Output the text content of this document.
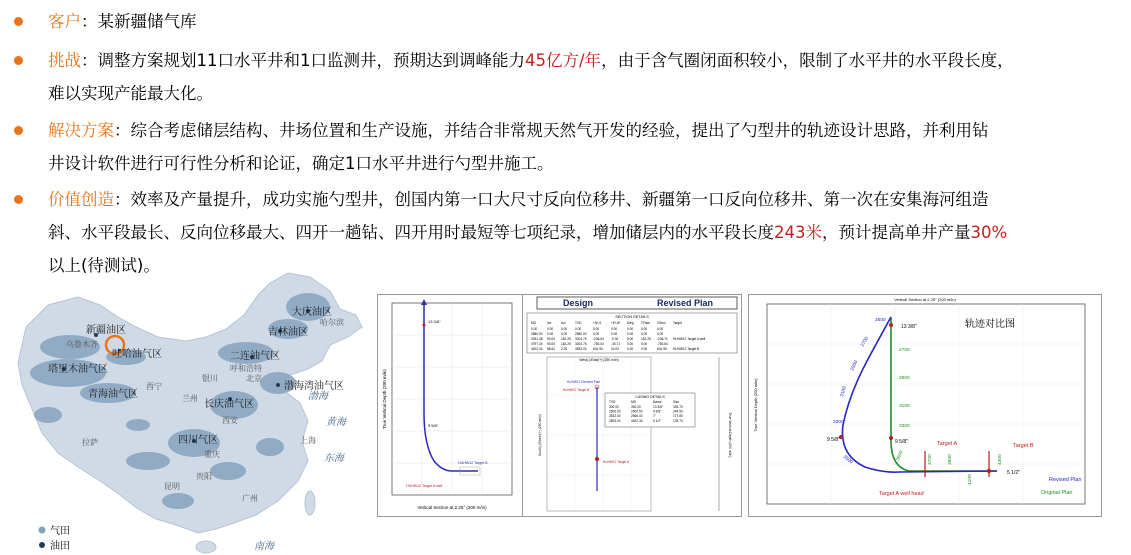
客户：某新疆储气库
挑战：调整方案规划11口水平井和1口监测井，预期达到调峰能力45亿方/年，由于含气圈闭面积较小，限制了水平井的水平段长度，
难以实现产能最大化。
解决方案：综合考虑储层结构、井场位置和生产设施，并结合非常规天然气开发的经验，提出了勺型井的轨迹设计思路，并利用钻
井设计软件进行可行性分析和论证，确定1口水平井进行勺型井施工。
价值创造：效率及产量提升，成功实施勺型井，创国内第一口大尺寸反向位移井、新疆第一口反向位移井、第一次在安集海河组造
斜、水平段最长、反向位移最大、四开一趟钻、四开用时最短等七项纪录，增加储层内的水平段长度243米，预计提高单井产量30%
以上(待测试)。
新疆油区
乌鲁木齐
吐哈油气区
塔里木油气区
青海油气区
二连油气区
呼和浩特
北京
大庆油区
吉林油区
哈尔滨
渤海湾油气区
长庆油气区
兰州
西安
四川气区
贵阳
昆明
广州
上海
拉萨
西宁
银川
重庆
渤海
黄海
东海
南海
气田
油田
13 3/8"
9 5/8"
HUHW12 Target B
HUHW12 Target A well
Vertical Section at 2.25° (200 m/in)
True Vertical Depth (200 m/in)
Design	Revised Plan
SECTION DETAILS
MD	Inc	Azi	TVD	+N/-S	+E/-W Dleg TFace VSect Target
0.00	0.00 0.00 0.00	0.00	0.00	0.00 0.00	0.00
2880.00 0.00 0.00 2880.00 0.00	0.00	0.00 0.00	0.00
3251.48 90.00 182.25 3204.76 -236.54 -9.30	5.00 182.25 -236.71 HUHW12 Target A well
3797.34 90.00 182.25 3204.76 -782.04 -30.71 0.00 0.00	-782.64
4402.34 88.62 2.25 3593.00 604.50	24.00	0.00 0.00	604.96 HUHW12 Target B
West(-)/East(+) (250 m/in)
South(-)/North(+) (250 m/in)
HUHW12 Revised Plan
HUHW12 Target B
HUHW12 Target A
CASING DETAILS
TVD	MD	Name	Size
300.00	300.00	13 3/8"	339.70
2500.00	2500.00	9 5/8"	244.50
3532.00	2566.00	7"	177.80
3593.00	4402.34	5 1/2"	139.70	True Vertical Depth (200 m/in)
Vertical Section at 2.25° (200 m/in)
True Vertical Depth (200 m/in)
轨迹对比图
13 3/8"
9 5/8"	9 5/8"
5 1/2"
Target A	Target B
Target A well head
2500
2700
2900
3100
3300
3500
2700
2900
3100
3300
3500	3700	3900
4100
4300
Revised Plan
Original Plan
